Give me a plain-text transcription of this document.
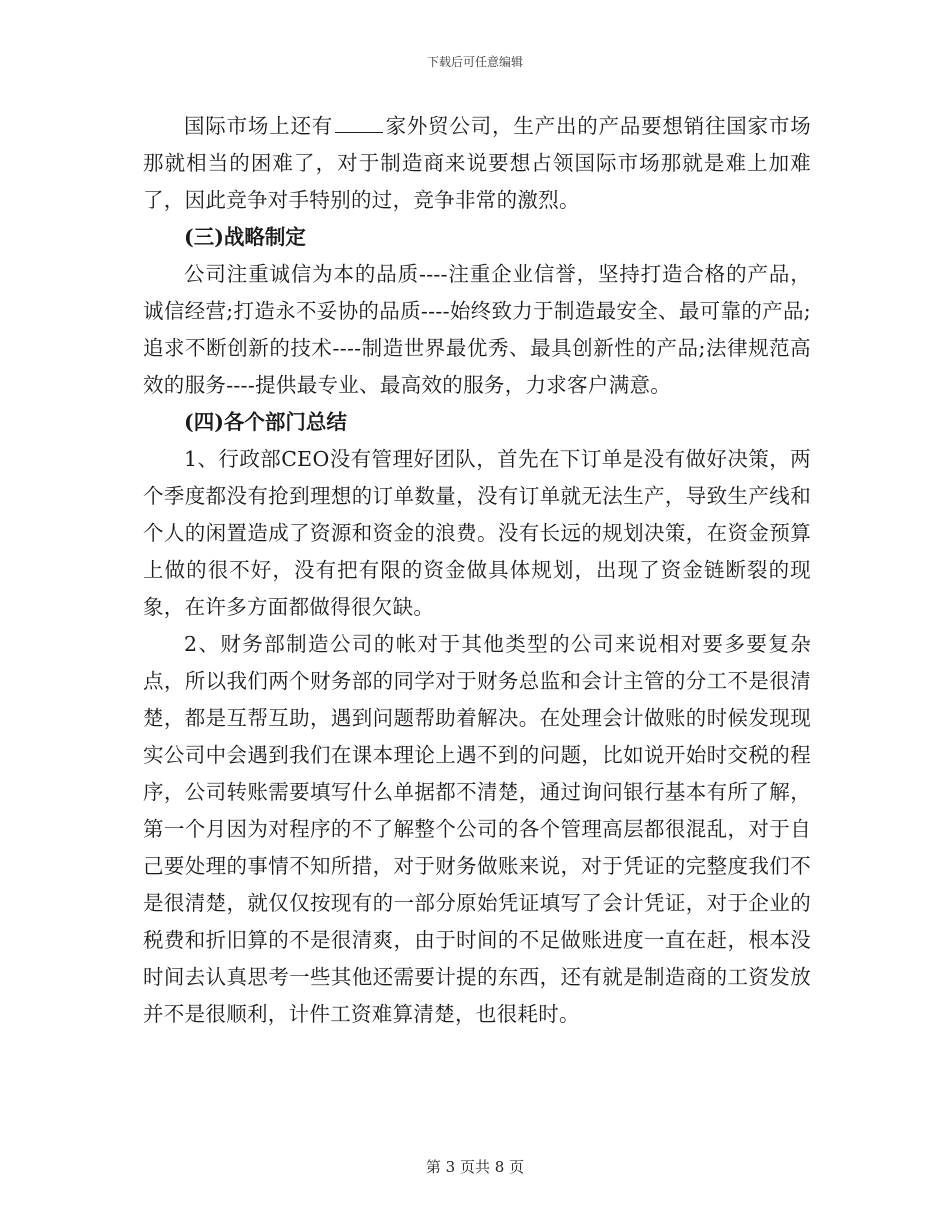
下载后可任意编辑

国际市场上还有	家外贸公司，生产出的产品要想销往国家市场那就相当的困难了，对于制造商来说要想占领国际市场那就是难上加难了，因此竞争对手特别的过，竞争非常的激烈。

(三)战略制定

公司注重诚信为本的品质----注重企业信誉，坚持打造合格的产品，诚信经营;打造永不妥协的品质----始终致力于制造最安全、最可靠的产品;追求不断创新的技术----制造世界最优秀、最具创新性的产品;法律规范高效的服务----提供最专业、最高效的服务，力求客户满意。

(四)各个部门总结

1、行政部CEO没有管理好团队，首先在下订单是没有做好决策，两个季度都没有抢到理想的订单数量，没有订单就无法生产，导致生产线和个人的闲置造成了资源和资金的浪费。没有长远的规划决策，在资金预算上做的很不好，没有把有限的资金做具体规划，出现了资金链断裂的现象，在许多方面都做得很欠缺。

2、财务部制造公司的帐对于其他类型的公司来说相对要多要复杂点，所以我们两个财务部的同学对于财务总监和会计主管的分工不是很清楚，都是互帮互助，遇到问题帮助着解决。在处理会计做账的时候发现现实公司中会遇到我们在课本理论上遇不到的问题，比如说开始时交税的程序，公司转账需要填写什么单据都不清楚，通过询问银行基本有所了解，第一个月因为对程序的不了解整个公司的各个管理高层都很混乱，对于自己要处理的事情不知所措，对于财务做账来说，对于凭证的完整度我们不是很清楚，就仅仅按现有的一部分原始凭证填写了会计凭证，对于企业的税费和折旧算的不是很清爽，由于时间的不足做账进度一直在赶，根本没时间去认真思考一些其他还需要计提的东西，还有就是制造商的工资发放并不是很顺利，计件工资难算清楚，也很耗时。

第 3 页共 8 页
